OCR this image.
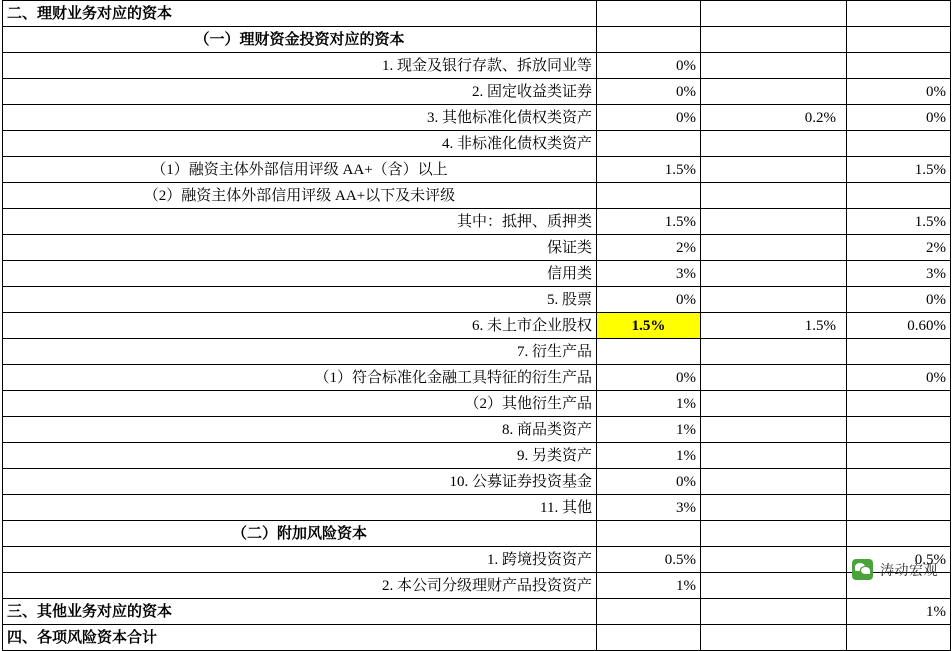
二、理财业务对应的资本			
（一）理财资金投资对应的资本			
1. 现金及银行存款、拆放同业等	0%		
2. 固定收益类证券	0%		0%
3. 其他标准化债权类资产	0%	0.2%	0%
4. 非标准化债权类资产			
（1）融资主体外部信用评级 AA+（含）以上	1.5%		1.5%
（2）融资主体外部信用评级 AA+以下及未评级			
其中：抵押、质押类	1.5%		1.5%
保证类	2%		2%
信用类	3%		3%
5. 股票	0%		0%
6. 未上市企业股权	1.5%	1.5%	0.60%
7. 衍生产品			
（1）符合标准化金融工具特征的衍生产品	0%		0%
（2）其他衍生产品	1%		
8. 商品类资产	1%		
9. 另类资产	1%		
10. 公募证券投资基金	0%		
11. 其他	3%		
（二）附加风险资本			
1. 跨境投资资产	0.5%		0.5%
2. 本公司分级理财产品投资资产	1%		
三、其他业务对应的资本			1%
四、各项风险资本合计			
涛动宏观
